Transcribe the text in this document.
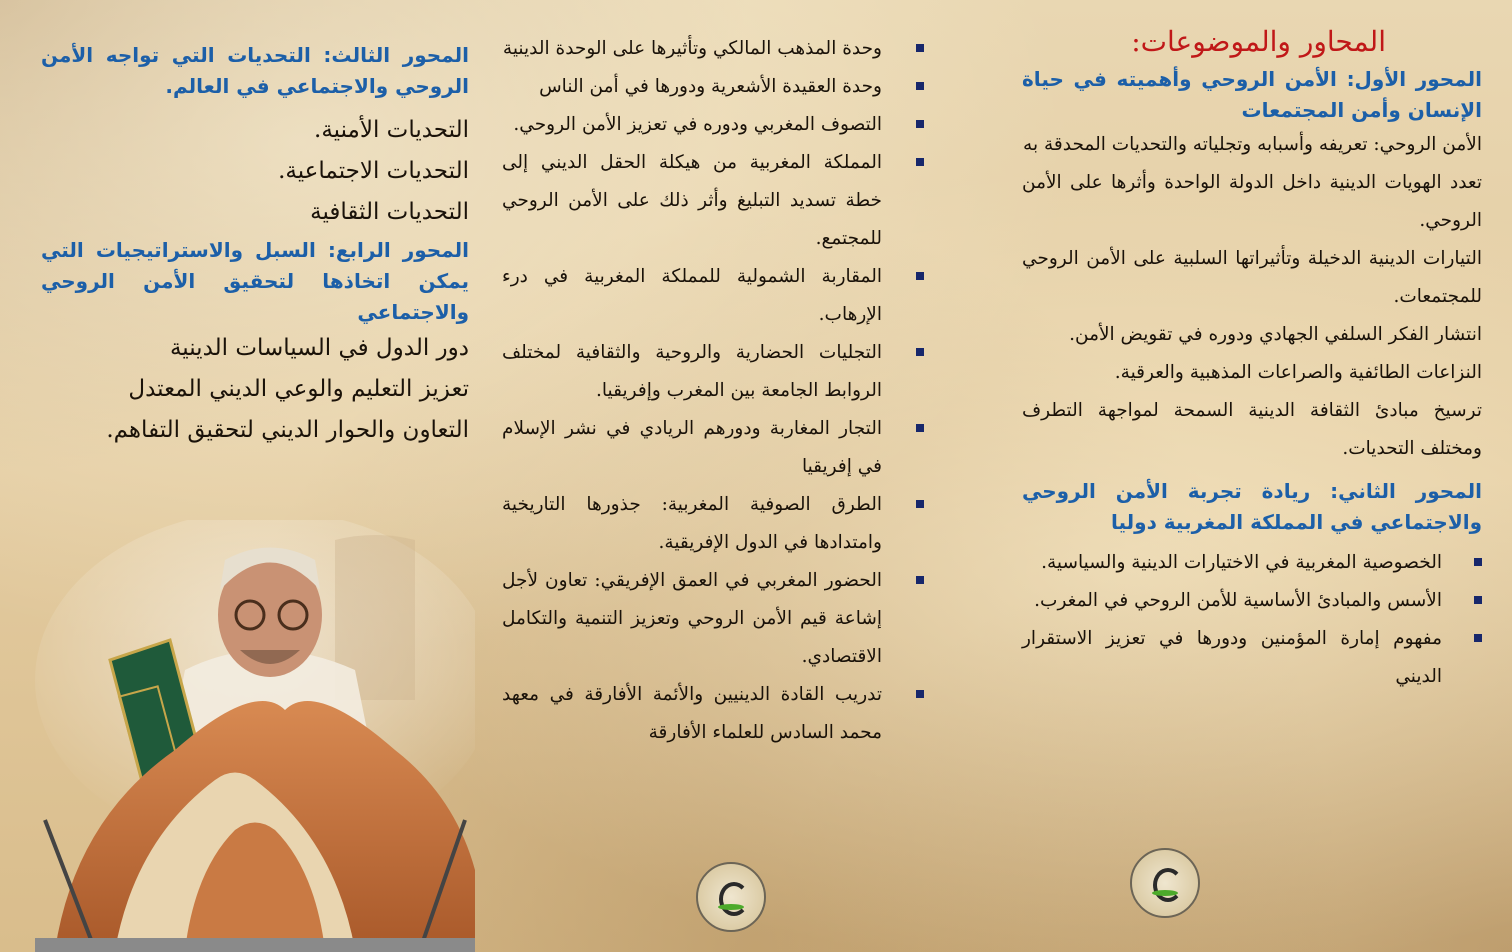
المحاور والموضوعات:

المحور الأول: الأمن الروحي وأهميته في حياة الإنسان وأمن المجتمعات

الأمن الروحي: تعريفه وأسبابه وتجلياته والتحديات المحدقة به

تعدد الهويات الدينية داخل الدولة الواحدة وأثرها على الأمن الروحي.

التيارات الدينية الدخيلة وتأثيراتها السلبية على الأمن الروحي للمجتمعات.

انتشار الفكر السلفي الجهادي ودوره في تقويض الأمن.

النزاعات الطائفية والصراعات المذهبية والعرقية.

ترسيخ مبادئ الثقافة الدينية السمحة لمواجهة التطرف ومختلف التحديات.

المحور الثاني: ريادة تجربة الأمن الروحي والاجتماعي في المملكة المغربية دوليا

الخصوصية المغربية في الاختيارات الدينية والسياسية.
الأسس والمبادئ الأساسية للأمن الروحي في المغرب.
مفهوم إمارة المؤمنين ودورها في تعزيز الاستقرار الديني
وحدة المذهب المالكي وتأثيرها على الوحدة الدينية
وحدة العقيدة الأشعرية ودورها في أمن الناس
التصوف المغربي ودوره في تعزيز الأمن الروحي.
المملكة المغربية من هيكلة الحقل الديني إلى خطة تسديد التبليغ وأثر ذلك على الأمن الروحي للمجتمع.
المقاربة الشمولية للمملكة المغربية في درء الإرهاب.
التجليات الحضارية والروحية والثقافية لمختلف الروابط الجامعة بين المغرب وإفريقيا.
التجار المغاربة ودورهم الريادي في نشر الإسلام في إفريقيا
الطرق الصوفية المغربية: جذورها التاريخية وامتدادها في الدول الإفريقية.
الحضور المغربي في العمق الإفريقي: تعاون لأجل إشاعة قيم الأمن الروحي وتعزيز التنمية والتكامل الاقتصادي.
تدريب القادة الدينيين والأئمة الأفارقة في معهد محمد السادس للعلماء الأفارقة

المحور الثالث: التحديات التي تواجه الأمن الروحي والاجتماعي في العالم.

التحديات الأمنية.

التحديات الاجتماعية.

التحديات الثقافية

المحور الرابع: السبل والاستراتيجيات التي يمكن اتخاذها لتحقيق الأمن الروحي والاجتماعي

دور الدول في السياسات الدينية

تعزيز التعليم والوعي الديني المعتدل

التعاون والحوار الديني لتحقيق التفاهم.
